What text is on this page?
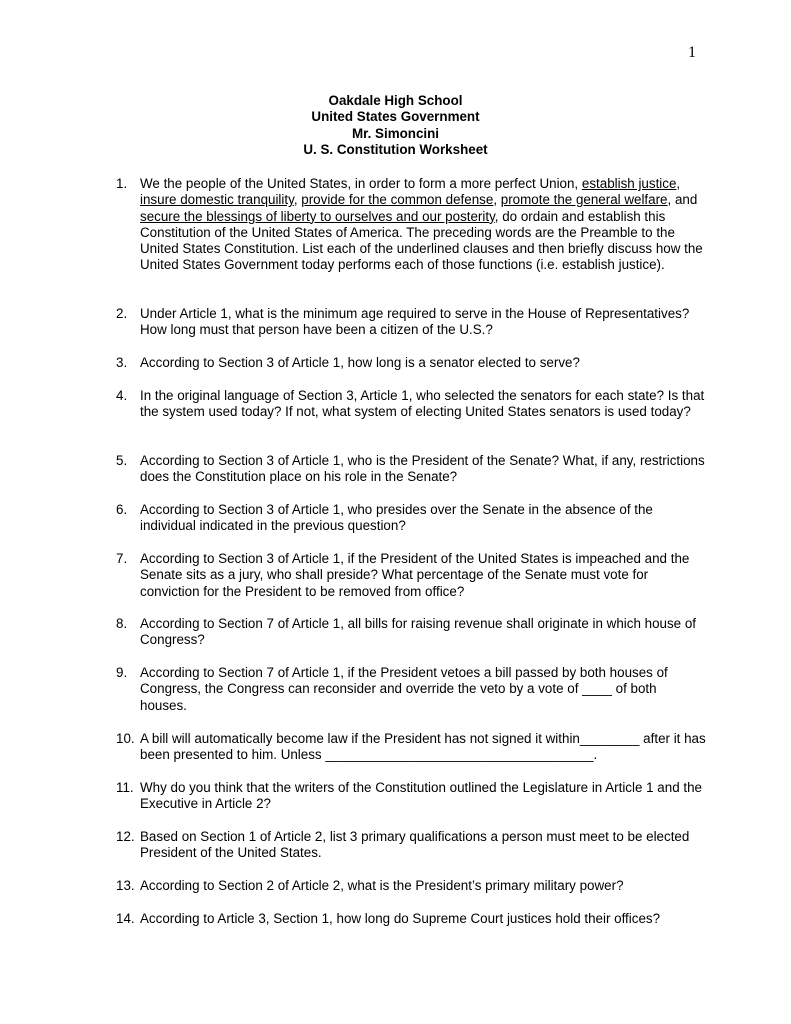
1
Oakdale High School
United States Government
Mr. Simoncini
U. S. Constitution Worksheet
1. We the people of the United States, in order to form a more perfect Union, establish justice, insure domestic tranquility, provide for the common defense, promote the general welfare, and secure the blessings of liberty to ourselves and our posterity, do ordain and establish this Constitution of the United States of America. The preceding words are the Preamble to the United States Constitution. List each of the underlined clauses and then briefly discuss how the United States Government today performs each of those functions (i.e. establish justice).
2. Under Article 1, what is the minimum age required to serve in the House of Representatives? How long must that person have been a citizen of the U.S.?
3. According to Section 3 of Article 1, how long is a senator elected to serve?
4. In the original language of Section 3, Article 1, who selected the senators for each state? Is that the system used today? If not, what system of electing United States senators is used today?
5. According to Section 3 of Article 1, who is the President of the Senate? What, if any, restrictions does the Constitution place on his role in the Senate?
6. According to Section 3 of Article 1, who presides over the Senate in the absence of the individual indicated in the previous question?
7. According to Section 3 of Article 1, if the President of the United States is impeached and the Senate sits as a jury, who shall preside? What percentage of the Senate must vote for conviction for the President to be removed from office?
8. According to Section 7 of Article 1, all bills for raising revenue shall originate in which house of Congress?
9. According to Section 7 of Article 1, if the President vetoes a bill passed by both houses of Congress, the Congress can reconsider and override the veto by a vote of ____ of both houses.
10. A bill will automatically become law if the President has not signed it within________ after it has been presented to him. Unless ____________________________________.
11. Why do you think that the writers of the Constitution outlined the Legislature in Article 1 and the Executive in Article 2?
12. Based on Section 1 of Article 2, list 3 primary qualifications a person must meet to be elected President of the United States.
13. According to Section 2 of Article 2, what is the President’s primary military power?
14. According to Article 3, Section 1, how long do Supreme Court justices hold their offices?
